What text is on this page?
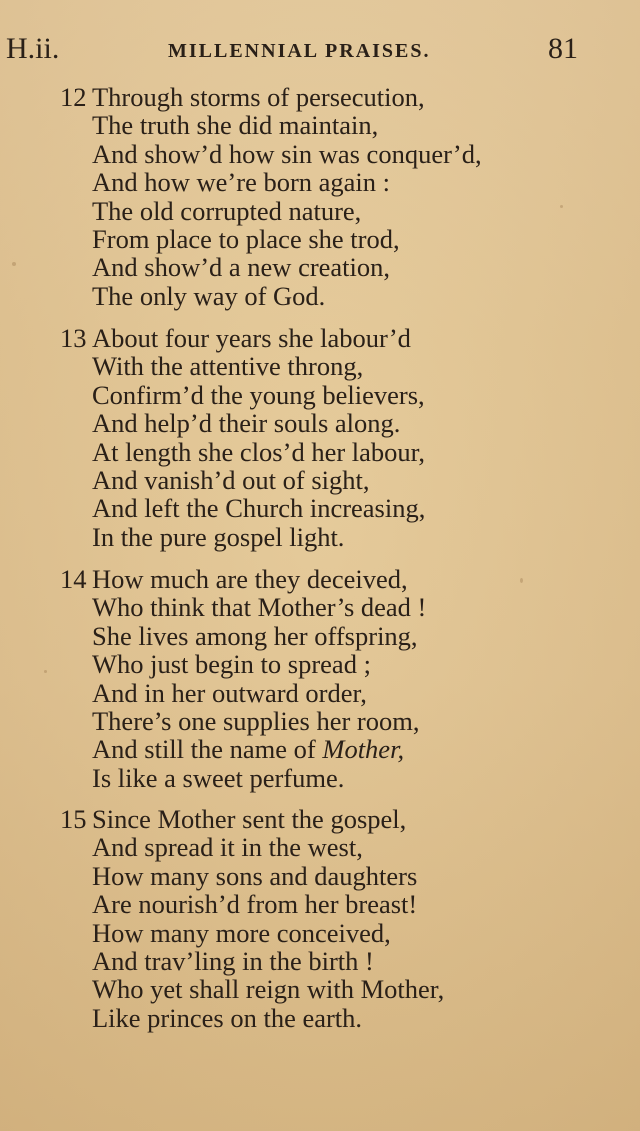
H.ii.	MILLENNIAL PRAISES.	81
12 Through storms of persecution,
The truth she did maintain,
And show’d how sin was conquer’d,
And how we’re born again :
The old corrupted nature,
From place to place she trod,
And show’d a new creation,
The only way of God.
13 About four years she labour’d
With the attentive throng,
Confirm’d the young believers,
And help’d their souls along.
At length she clos’d her labour,
And vanish’d out of sight,
And left the Church increasing,
In the pure gospel light.
14 How much are they deceived,
Who think that Mother’s dead !
She lives among her offspring,
Who just begin to spread ;
And in her outward order,
There’s one supplies her room,
And still the name of Mother,
Is like a sweet perfume.
15 Since Mother sent the gospel,
And spread it in the west,
How many sons and daughters
Are nourish’d from her breast!
How many more conceived,
And trav’ling in the birth !
Who yet shall reign with Mother,
Like princes on the earth.
